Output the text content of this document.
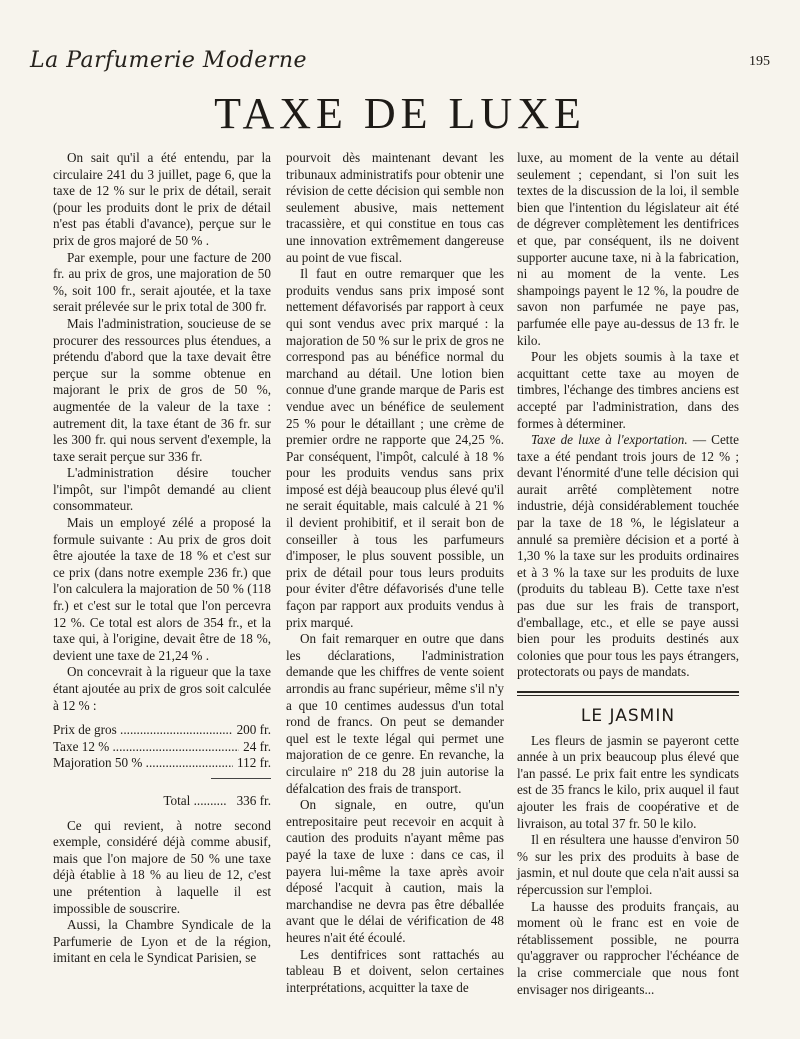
La Parfumerie Moderne	195
TAXE DE LUXE

On sait qu'il a été entendu, par la circulaire 241 du 3 juillet, page 6, que la taxe de 12 % sur le prix de détail, serait (pour les produits dont le prix de détail n'est pas établi d'avance), perçue sur le prix de gros majoré de 50 % .

Par exemple, pour une facture de 200 fr. au prix de gros, une majoration de 50 %, soit 100 fr., serait ajoutée, et la taxe serait prélevée sur le prix total de 300 fr.

Mais l'administration, soucieuse de se procurer des ressources plus étendues, a prétendu d'abord que la taxe devait être perçue sur la somme obtenue en majorant le prix de gros de 50 %, augmentée de la valeur de la taxe : autrement dit, la taxe étant de 36 fr. sur les 300 fr. qui nous servent d'exemple, la taxe serait perçue sur 336 fr.

L'administration désire toucher l'impôt, sur l'impôt demandé au client consommateur.

Mais un employé zélé a proposé la formule suivante : Au prix de gros doit être ajoutée la taxe de 18 % et c'est sur ce prix (dans notre exemple 236 fr.) que l'on calculera la majoration de 50 % (118 fr.) et c'est sur le total que l'on percevra 12 %. Ce total est alors de 354 fr., et la taxe qui, à l'origine, devait être de 18 %, devient une taxe de 21,24 % .

On concevrait à la rigueur que la taxe étant ajoutée au prix de gros soit calculée à 12 % :

Prix de gros .....	200 fr.
Taxe 12 % .....	24 fr.
Majoration 50 % .....	112 fr.
Total .....	336 fr.

Ce qui revient, à notre second exemple, considéré déjà comme abusif, mais que l'on majore de 50 % une taxe déjà établie à 18 % au lieu de 12, c'est une prétention à laquelle il est impossible de souscrire.

Aussi, la Chambre Syndicale de la Parfumerie de Lyon et de la région, imitant en cela le Syndicat Parisien, se

pourvoit dès maintenant devant les tribunaux administratifs pour obtenir une révision de cette décision qui semble non seulement abusive, mais nettement tracassière, et qui constitue en tous cas une innovation extrêmement dangereuse au point de vue fiscal.

Il faut en outre remarquer que les produits vendus sans prix imposé sont nettement défavorisés par rapport à ceux qui sont vendus avec prix marqué : la majoration de 50 % sur le prix de gros ne correspond pas au bénéfice normal du marchand au détail. Une lotion bien connue d'une grande marque de Paris est vendue avec un bénéfice de seulement 25 % pour le détaillant ; une crème de premier ordre ne rapporte que 24,25 %. Par conséquent, l'impôt, calculé à 18 % pour les produits vendus sans prix imposé est déjà beaucoup plus élevé qu'il ne serait équitable, mais calculé à 21 % il devient prohibitif, et il serait bon de conseiller à tous les parfumeurs d'imposer, le plus souvent possible, un prix de détail pour tous leurs produits pour éviter d'être défavorisés d'une telle façon par rapport aux produits vendus à prix marqué.

On fait remarquer en outre que dans les déclarations, l'administration demande que les chiffres de vente soient arrondis au franc supérieur, même s'il n'y a que 10 centimes audessus d'un total rond de francs. On peut se demander quel est le texte légal qui permet une majoration de ce genre. En revanche, la circulaire nº 218 du 28 juin autorise la défalcation des frais de transport.

On signale, en outre, qu'un entrepositaire peut recevoir en acquit à caution des produits n'ayant même pas payé la taxe de luxe : dans ce cas, il payera lui-même la taxe après avoir déposé l'acquit à caution, mais la marchandise ne devra pas être déballée avant que le délai de vérification de 48 heures n'ait été écoulé.

Les dentifrices sont rattachés au tableau B et doivent, selon certaines interprétations, acquitter la taxe de

luxe, au moment de la vente au détail seulement ; cependant, si l'on suit les textes de la discussion de la loi, il semble bien que l'intention du législateur ait été de dégrever complètement les dentifrices et que, par conséquent, ils ne doivent supporter aucune taxe, ni à la fabrication, ni au moment de la vente. Les shampoings payent le 12 %, la poudre de savon non parfumée ne paye pas, parfumée elle paye au-dessus de 13 fr. le kilo.

Pour les objets soumis à la taxe et acquittant cette taxe au moyen de timbres, l'échange des timbres anciens est accepté par l'administration, dans des formes à déterminer.

Taxe de luxe à l'exportation. — Cette taxe a été pendant trois jours de 12 % ; devant l'énormité d'une telle décision qui aurait arrêté complètement notre industrie, déjà considérablement touchée par la taxe de 18 %, le législateur a annulé sa première décision et a porté à 1,30 % la taxe sur les produits ordinaires et à 3 % la taxe sur les produits de luxe (produits du tableau B). Cette taxe n'est pas due sur les frais de transport, d'emballage, etc., et elle se paye aussi bien pour les produits destinés aux colonies que pour tous les pays étrangers, protectorats ou pays de mandats.

LE JASMIN

Les fleurs de jasmin se payeront cette année à un prix beaucoup plus élevé que l'an passé. Le prix fait entre les syndicats est de 35 francs le kilo, prix auquel il faut ajouter les frais de coopérative et de livraison, au total 37 fr. 50 le kilo.

Il en résultera une hausse d'environ 50 % sur les prix des produits à base de jasmin, et nul doute que cela n'ait aussi sa répercussion sur l'emploi.

La hausse des produits français, au moment où le franc est en voie de rétablissement possible, ne pourra qu'aggraver ou rapprocher l'échéance de la crise commerciale que nous font envisager nos dirigeants...
